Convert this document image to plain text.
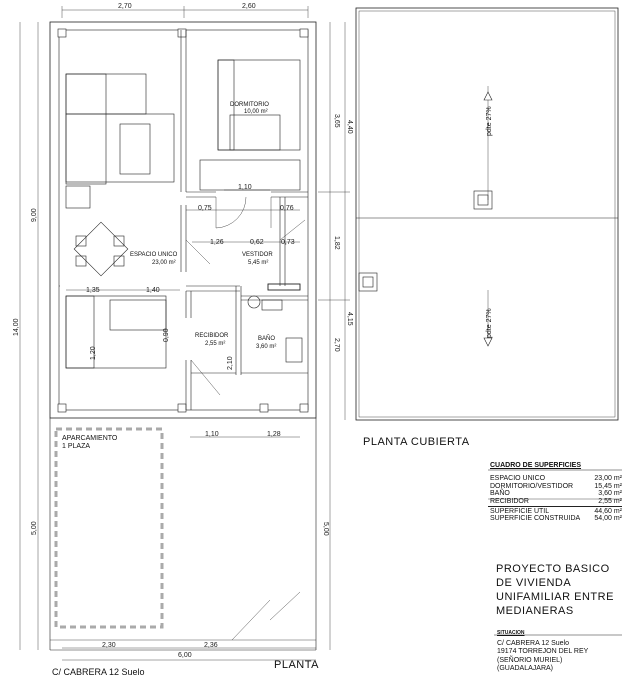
2,70	2,60
9,00
14,00
5,00
3,65 4,40
1,82
4,15
2,70
5,00
1,10
0,75	0,76
1,26	0,62 0,73
1,35	1,40
1,20
0,90
2,10
1,10	1,28
2,30	2,36
6,00
DORMITORIO
10,00 m²
ESPACIO UNICO
23,00 m²
VESTIDOR
5,45 m²
RECIBIDOR
2,55 m²
BAÑO
3,60 m²
APARCAMIENTO
1 PLAZA
pdte 27%
pdte 27%
PLANTA CUBIERTA
PLANTA
C/ CABRERA 12 Suelo
CUADRO DE SUPERFICIES
ESPACIO UNICO	23,00 m²
DORMITORIO/VESTIDOR	15,45 m²
BAÑO	3,60 m²
RECIBIDOR	2,55 m²
SUPERFICIE UTIL	44,60 m²
SUPERFICIE CONSTRUIDA 54,00 m²
PROYECTO BASICO
DE VIVIENDA
UNIFAMILIAR ENTRE
MEDIANERAS
SITUACION
C/ CABRERA 12 Suelo
19174 TORREJON DEL REY
(SEÑORIO MURIEL)
(GUADALAJARA)
